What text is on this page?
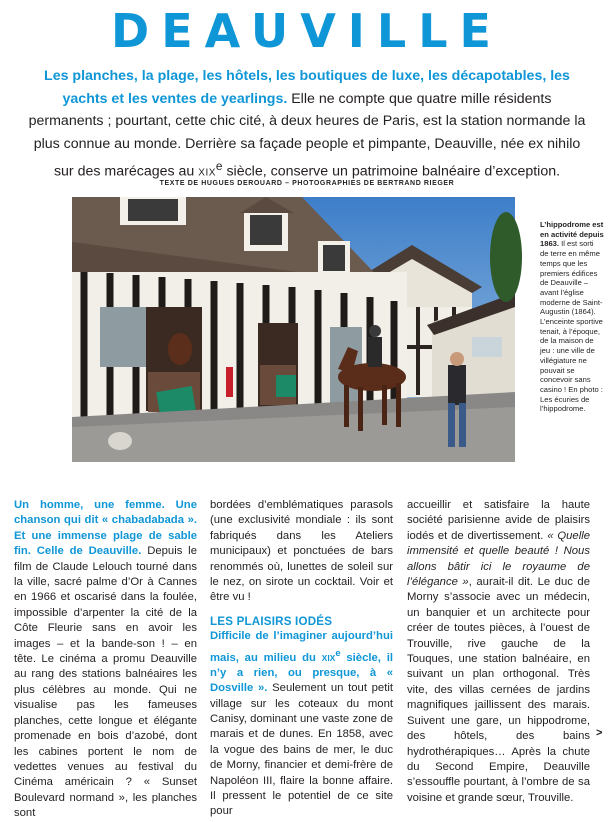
DEAUVILLE

Les planches, la plage, les hôtels, les boutiques de luxe, les décapotables, les yachts et les ventes de yearlings. Elle ne compte que quatre mille résidents permanents ; pourtant, cette chic cité, à deux heures de Paris, est la station normande la plus connue au monde. Derrière sa façade people et pimpante, Deauville, née ex nihilo sur des marécages au XIXe siècle, conserve un patrimoine balnéaire d’exception.

TEXTE DE HUGUES DEROUARD – PHOTOGRAPHIES DE BERTRAND RIEGER

L’hippodrome est en activité depuis 1863. Il est sorti de terre en même temps que les premiers édifices de Deauville – avant l’église moderne de Saint-Augustin (1864). L’enceinte sportive tenait, à l’époque, de la maison de jeu : une ville de villégiature ne pouvait se concevoir sans casino ! En photo : Les écuries de l’hippodrome.

Un homme, une femme. Une chanson qui dit « chabadabada ». Et une immense plage de sable fin. Celle de Deauville. Depuis le film de Claude Lelouch tourné dans la ville, sacré palme d’Or à Cannes en 1966 et oscarisé dans la foulée, impossible d’arpenter la cité de la Côte Fleurie sans en avoir les images – et la bande-son ! – en tête. Le cinéma a promu Deauville au rang des stations balnéaires les plus célèbres au monde. Qui ne visualise pas les fameuses planches, cette longue et élégante promenade en bois d’azobé, dont les cabines portent le nom de vedettes venues au festival du Cinéma américain ? « Sunset Boulevard normand », les planches sont

bordées d’emblématiques parasols (une exclusivité mondiale : ils sont fabriqués dans les Ateliers municipaux) et ponctuées de bars renommés où, lunettes de soleil sur le nez, on sirote un cocktail. Voir et être vu !

LES PLAISIRS IODÉS

Difficile de l’imaginer aujourd’hui mais, au milieu du XIXe siècle, il n’y a rien, ou presque, à « Dosville ». Seulement un tout petit village sur les coteaux du mont Canisy, dominant une vaste zone de marais et de dunes. En 1858, avec la vogue des bains de mer, le duc de Morny, financier et demi-frère de Napoléon III, flaire la bonne affaire. Il pressent le potentiel de ce site pour

accueillir et satisfaire la haute société parisienne avide de plaisirs iodés et de divertissement. « Quelle immensité et quelle beauté ! Nous allons bâtir ici le royaume de l’élégance », aurait-il dit. Le duc de Morny s’associe avec un médecin, un banquier et un architecte pour créer de toutes pièces, à l’ouest de Trouville, rive gauche de la Touques, une station balnéaire, en suivant un plan orthogonal. Très vite, des villas cernées de jardins magnifiques jaillissent des marais. Suivent une gare, un hippodrome, des hôtels, des bains hydrothérapiques… Après la chute du Second Empire, Deauville s’essouffle pourtant, à l’ombre de sa voisine et grande sœur, Trouville.

>
